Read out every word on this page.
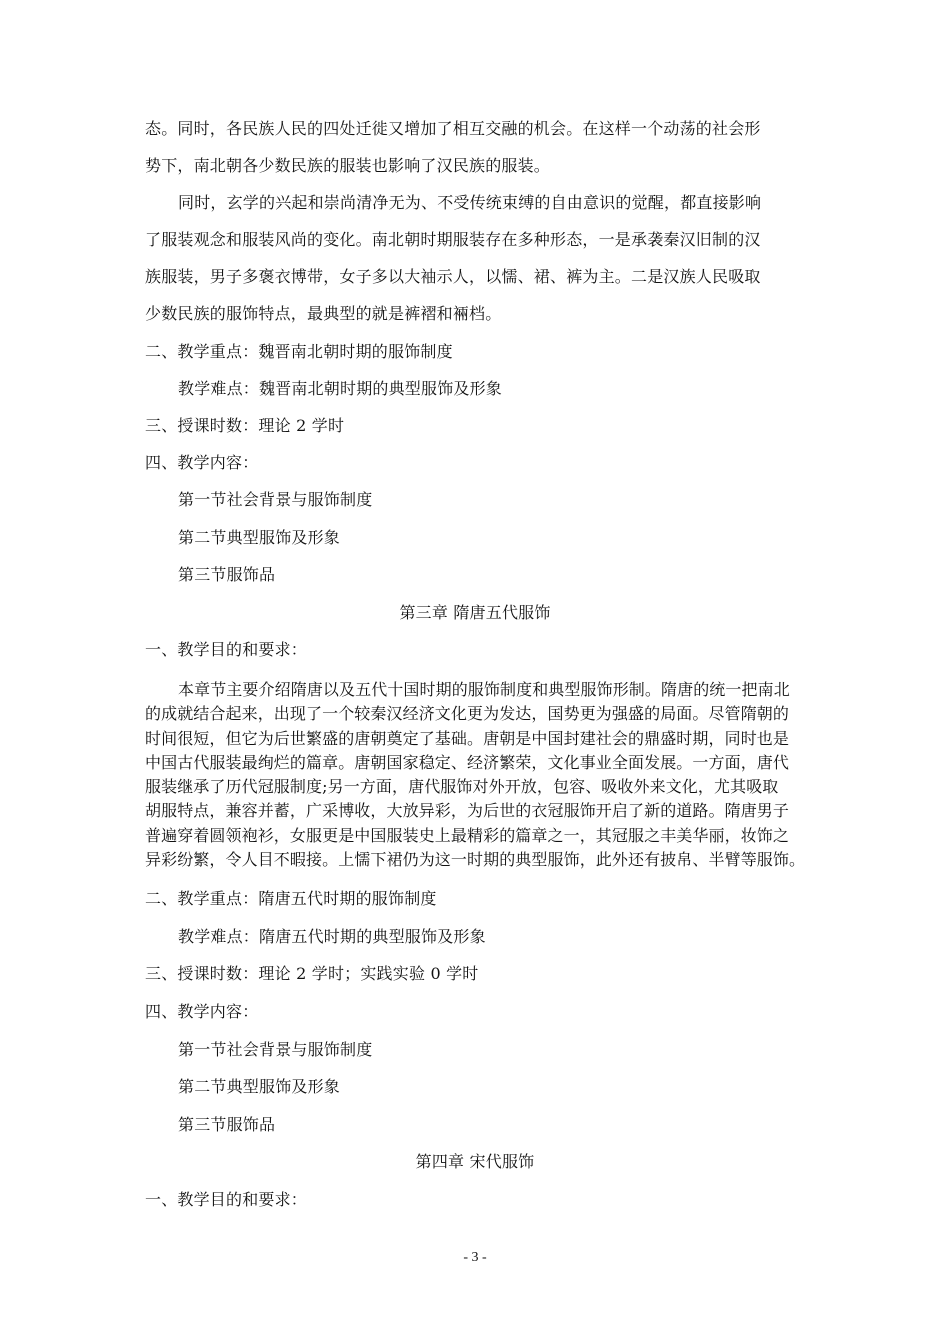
态。同时，各民族人民的四处迁徙又增加了相互交融的机会。在这样一个动荡的社会形
势下，南北朝各少数民族的服装也影响了汉民族的服装。
同时，玄学的兴起和崇尚清净无为、不受传统束缚的自由意识的觉醒，都直接影响
了服装观念和服装风尚的变化。南北朝时期服装存在多种形态，一是承袭秦汉旧制的汉
族服装，男子多褒衣博带，女子多以大袖示人，以懦、裙、裤为主。二是汉族人民吸取
少数民族的服饰特点，最典型的就是裤褶和裲档。
二、教学重点：魏晋南北朝时期的服饰制度
教学难点：魏晋南北朝时期的典型服饰及形象
三、授课时数：理论 2 学时
四、教学内容：
第一节社会背景与服饰制度
第二节典型服饰及形象
第三节服饰品
第三章 隋唐五代服饰
一、教学目的和要求：
本章节主要介绍隋唐以及五代十国时期的服饰制度和典型服饰形制。隋唐的统一把南北
的成就结合起来，出现了一个较秦汉经济文化更为发达，国势更为强盛的局面。尽管隋朝的
时间很短，但它为后世繁盛的唐朝奠定了基础。唐朝是中国封建社会的鼎盛时期，同时也是
中国古代服装最绚烂的篇章。唐朝国家稳定、经济繁荣，文化事业全面发展。一方面，唐代
服装继承了历代冠服制度;另一方面，唐代服饰对外开放，包容、吸收外来文化，尤其吸取
胡服特点，兼容并蓄，广采博收，大放异彩，为后世的衣冠服饰开启了新的道路。隋唐男子
普遍穿着圆领袍衫，女服更是中国服装史上最精彩的篇章之一，其冠服之丰美华丽，妆饰之
异彩纷繁，令人目不暇接。上懦下裙仍为这一时期的典型服饰，此外还有披帛、半臂等服饰。
二、教学重点：隋唐五代时期的服饰制度
教学难点：隋唐五代时期的典型服饰及形象
三、授课时数：理论 2 学时；实践实验 0 学时
四、教学内容：
第一节社会背景与服饰制度
第二节典型服饰及形象
第三节服饰品
第四章 宋代服饰
一、教学目的和要求：
- 3 -
